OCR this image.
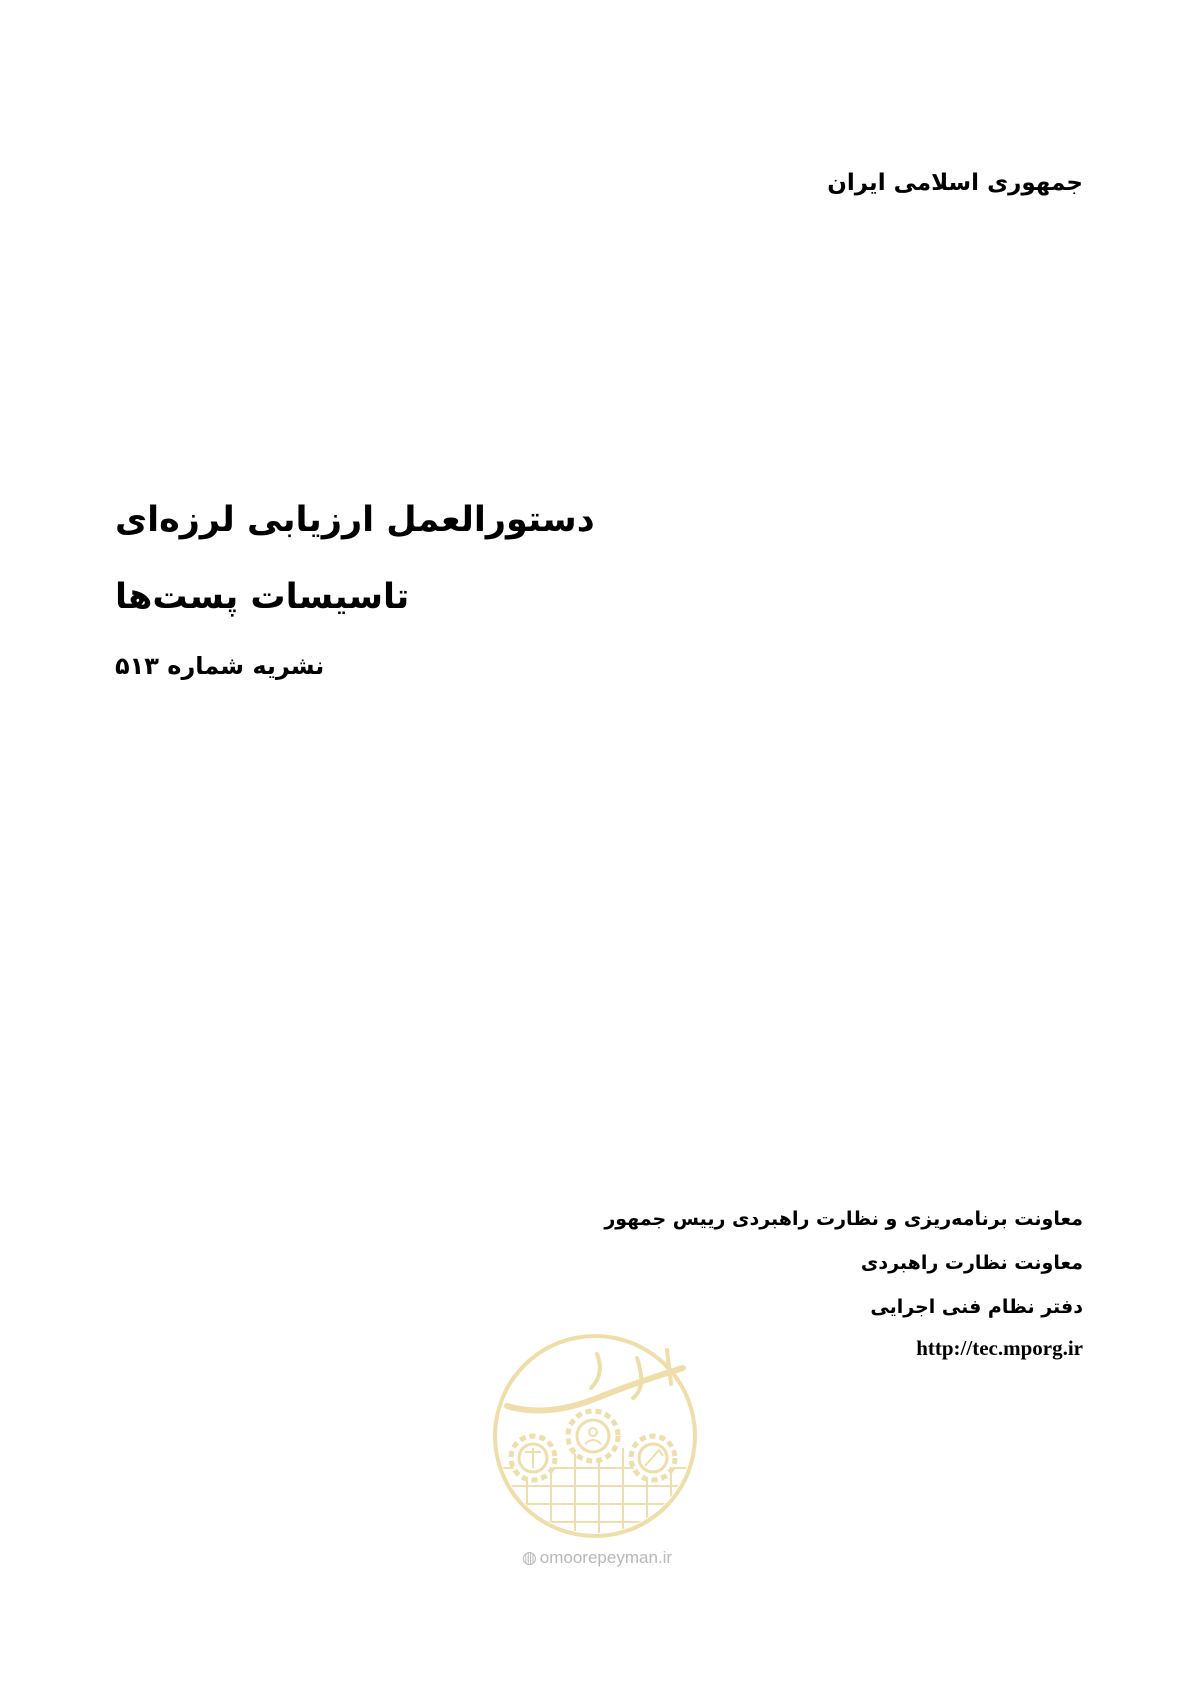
جمهوری اسلامی ایران
دستورالعمل ارزیابی لرزه‌ای
تاسیسات پست‌ها
نشریه شماره ۵۱۳
معاونت برنامه‌ریزی و نظارت راهبردی رییس جمهور
معاونت نظارت راهبردی
دفتر نظام فنی اجرایی
http://tec.mporg.ir
◍ omoorepeyman.ir
